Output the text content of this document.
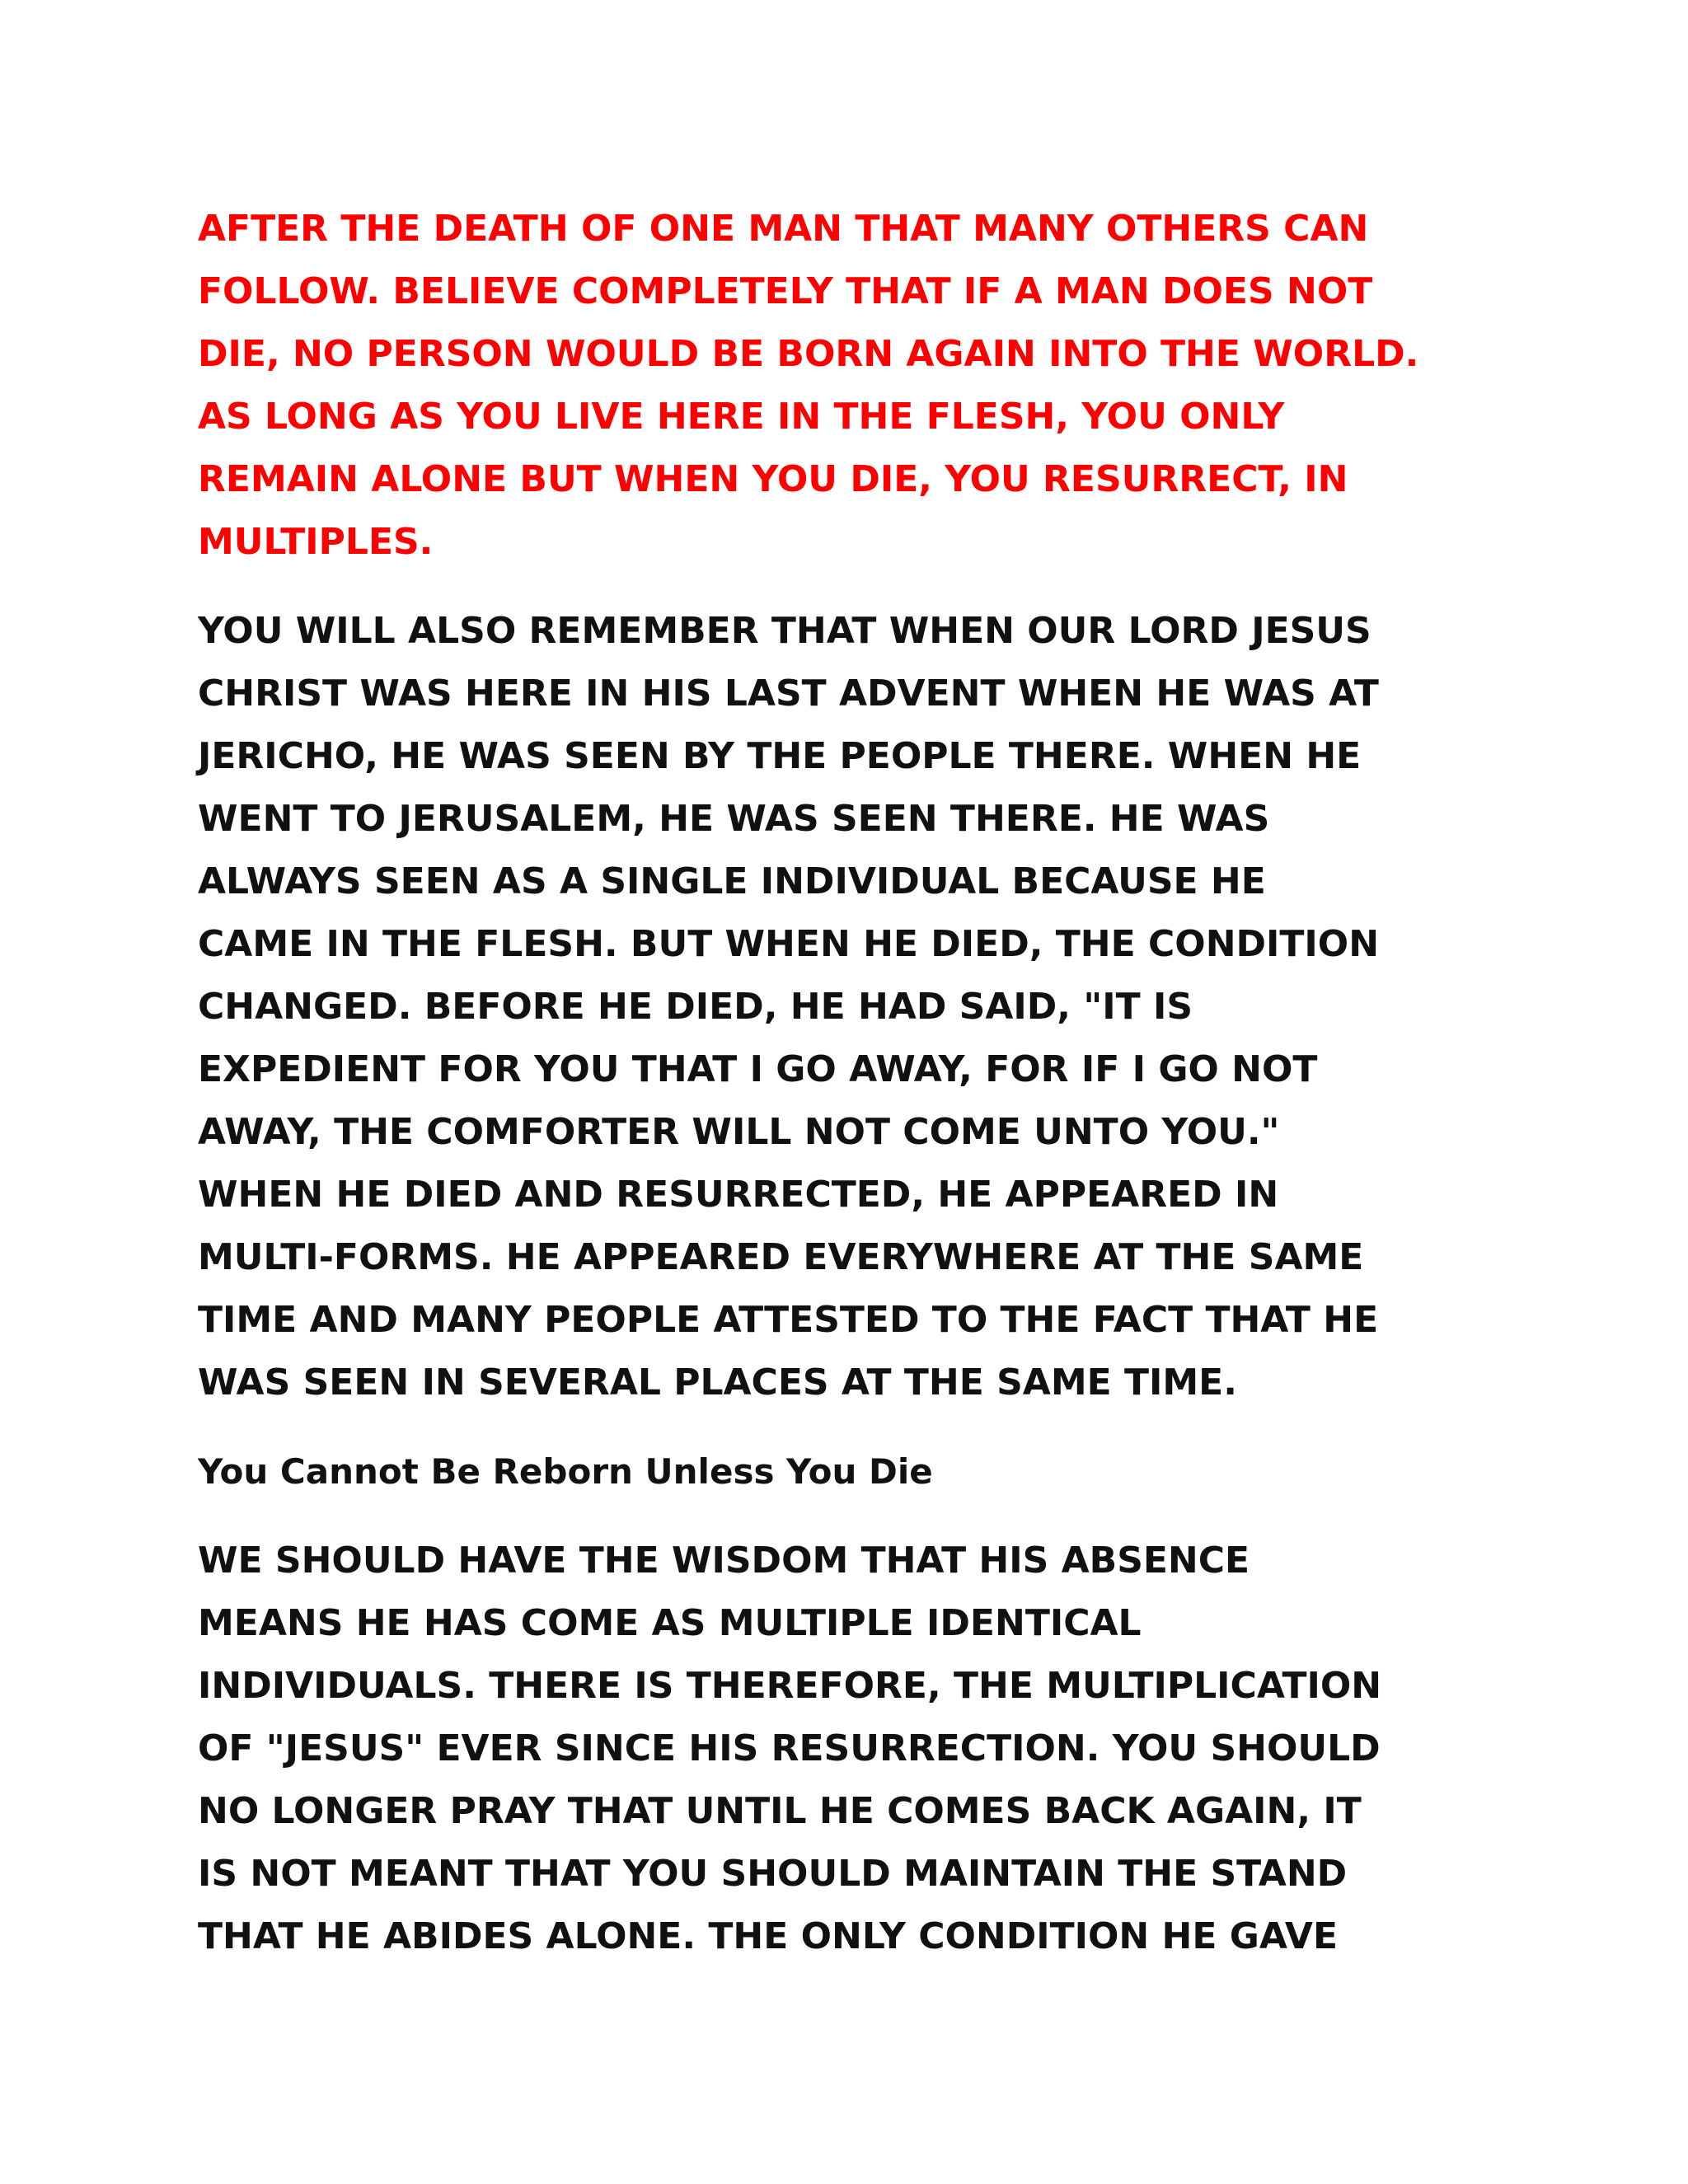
AFTER THE DEATH OF ONE MAN THAT MANY OTHERS CAN
FOLLOW. BELIEVE COMPLETELY THAT IF A MAN DOES NOT
DIE, NO PERSON WOULD BE BORN AGAIN INTO THE WORLD.
AS LONG AS YOU LIVE HERE IN THE FLESH, YOU ONLY
REMAIN ALONE BUT WHEN YOU DIE, YOU RESURRECT, IN
MULTIPLES.

YOU WILL ALSO REMEMBER THAT WHEN OUR LORD JESUS
CHRIST WAS HERE IN HIS LAST ADVENT WHEN HE WAS AT
JERICHO, HE WAS SEEN BY THE PEOPLE THERE. WHEN HE
WENT TO JERUSALEM, HE WAS SEEN THERE. HE WAS
ALWAYS SEEN AS A SINGLE INDIVIDUAL BECAUSE HE
CAME IN THE FLESH. BUT WHEN HE DIED, THE CONDITION
CHANGED. BEFORE HE DIED, HE HAD SAID, "IT IS
EXPEDIENT FOR YOU THAT I GO AWAY, FOR IF I GO NOT
AWAY, THE COMFORTER WILL NOT COME UNTO YOU."
WHEN HE DIED AND RESURRECTED, HE APPEARED IN
MULTI-FORMS. HE APPEARED EVERYWHERE AT THE SAME
TIME AND MANY PEOPLE ATTESTED TO THE FACT THAT HE
WAS SEEN IN SEVERAL PLACES AT THE SAME TIME.

You Cannot Be Reborn Unless You Die

WE SHOULD HAVE THE WISDOM THAT HIS ABSENCE
MEANS HE HAS COME AS MULTIPLE IDENTICAL
INDIVIDUALS. THERE IS THEREFORE, THE MULTIPLICATION
OF "JESUS" EVER SINCE HIS RESURRECTION. YOU SHOULD
NO LONGER PRAY THAT UNTIL HE COMES BACK AGAIN, IT
IS NOT MEANT THAT YOU SHOULD MAINTAIN THE STAND
THAT HE ABIDES ALONE. THE ONLY CONDITION HE GAVE
